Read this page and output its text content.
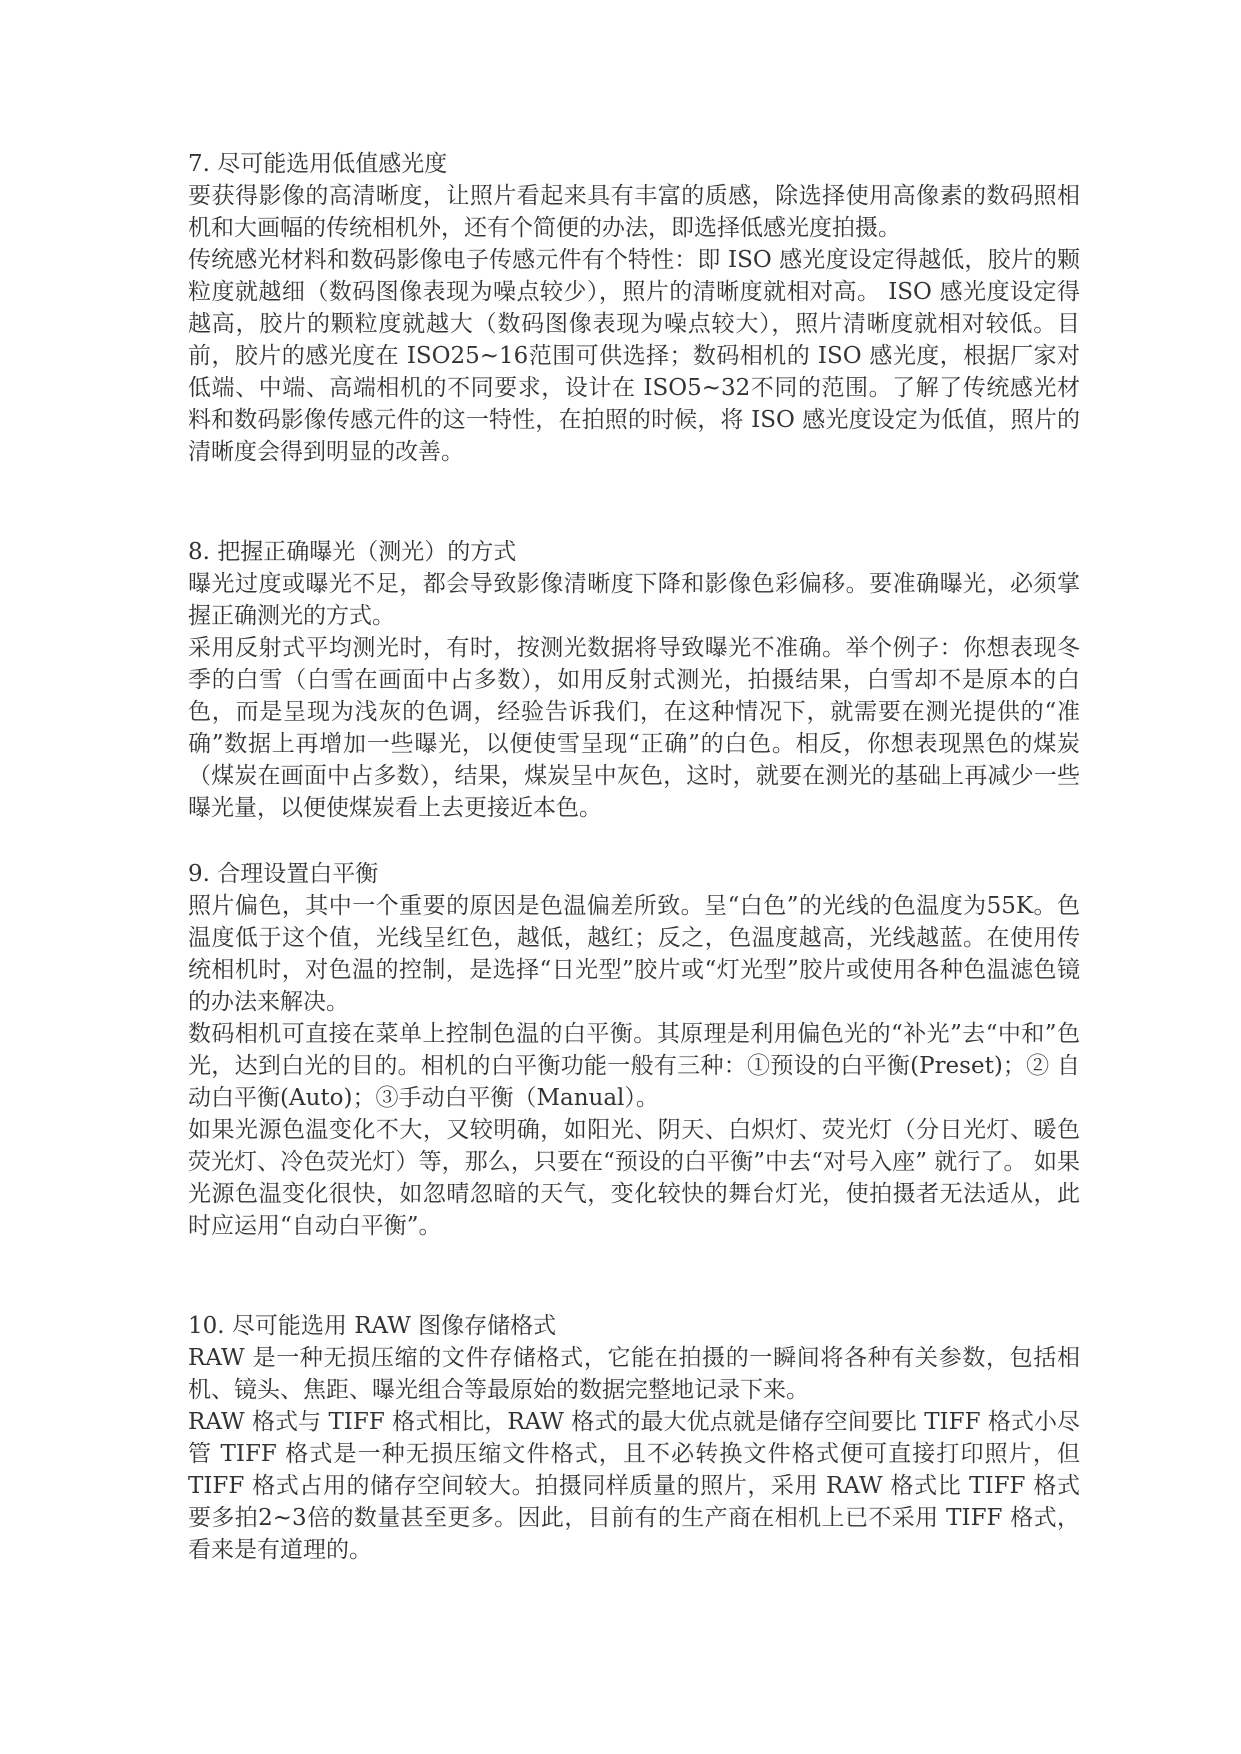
7. 尽可能选用低值感光度

要获得影像的高清晰度，让照片看起来具有丰富的质感，除选择使用高像素的数码照相机和大画幅的传统相机外，还有个简便的办法，即选择低感光度拍摄。

传统感光材料和数码影像电子传感元件有个特性：即 ISO 感光度设定得越低，胶片的颗粒度就越细（数码图像表现为噪点较少），照片的清晰度就相对高。 ISO 感光度设定得越高，胶片的颗粒度就越大（数码图像表现为噪点较大），照片清晰度就相对较低。目前，胶片的感光度在 ISO25~16范围可供选择；数码相机的 ISO 感光度，根据厂家对低端、中端、高端相机的不同要求，设计在 ISO5~32不同的范围。了解了传统感光材料和数码影像传感元件的这一特性，在拍照的时候，将 ISO 感光度设定为低值，照片的清晰度会得到明显的改善。

8. 把握正确曝光（测光）的方式

曝光过度或曝光不足，都会导致影像清晰度下降和影像色彩偏移。要准确曝光，必须掌握正确测光的方式。

采用反射式平均测光时，有时，按测光数据将导致曝光不准确。举个例子：你想表现冬季的白雪（白雪在画面中占多数），如用反射式测光，拍摄结果，白雪却不是原本的白色，而是呈现为浅灰的色调，经验告诉我们，在这种情况下，就需要在测光提供的“准确”数据上再增加一些曝光，以便使雪呈现“正确”的白色。相反，你想表现黑色的煤炭（煤炭在画面中占多数），结果，煤炭呈中灰色，这时，就要在测光的基础上再减少一些曝光量，以便使煤炭看上去更接近本色。

9. 合理设置白平衡

照片偏色，其中一个重要的原因是色温偏差所致。呈“白色”的光线的色温度为55K。色温度低于这个值，光线呈红色，越低，越红；反之，色温度越高，光线越蓝。在使用传统相机时，对色温的控制，是选择“日光型”胶片或“灯光型”胶片或使用各种色温滤色镜的办法来解决。

数码相机可直接在菜单上控制色温的白平衡。其原理是利用偏色光的“补光”去“中和”色光，达到白光的目的。相机的白平衡功能一般有三种：①预设的白平衡(Preset)；② 自动白平衡(Auto)；③手动白平衡（Manual）。

如果光源色温变化不大，又较明确，如阳光、阴天、白炽灯、荧光灯（分日光灯、暖色荧光灯、冷色荧光灯）等，那么，只要在“预设的白平衡”中去“对号入座” 就行了。 如果光源色温变化很快，如忽晴忽暗的天气，变化较快的舞台灯光，使拍摄者无法适从，此时应运用“自动白平衡”。

10. 尽可能选用 RAW 图像存储格式

RAW 是一种无损压缩的文件存储格式，它能在拍摄的一瞬间将各种有关参数，包括相机、镜头、焦距、曝光组合等最原始的数据完整地记录下来。

RAW 格式与 TIFF 格式相比，RAW 格式的最大优点就是储存空间要比 TIFF 格式小尽管 TIFF 格式是一种无损压缩文件格式，且不必转换文件格式便可直接打印照片，但 TIFF 格式占用的储存空间较大。拍摄同样质量的照片，采用 RAW 格式比 TIFF 格式要多拍2~3倍的数量甚至更多。因此，目前有的生产商在相机上已不采用 TIFF 格式，看来是有道理的。
